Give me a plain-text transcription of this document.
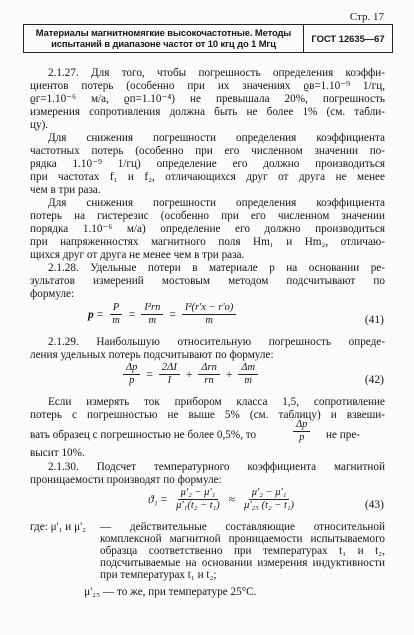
Стр. 17
Материалы магнитномягкие высокочастотные. Методы
испытаний в диапазоне частот от 10 кгц до 1 Мгц	ГОСТ 12635—67
2.1.27. Для того, чтобы погрешность определения коэффи-
циентов потерь (особенно при их значениях ϱв=1.10⁻⁹ 1/гц,
ϱг=1.10⁻⁶ м/а, ϱп=1.10⁻⁴) не превышала 20%, погрешность
измерения сопротивления должна быть не более 1% (см. табли-
цу).
Для снижения погрешности определения коэффициента
частотных потерь (особенно при его численном значении по-
рядка 1.10⁻⁹ 1/гц) определение его должно производиться
при частотах f₁ и f₂, отличающихся друг от друга не менее
чем в три раза.
Для снижения погрешности определения коэффициента
потерь на гистерезис (особенно при его численном значении
порядка 1.10⁻⁶ м/а) определение его должно производиться
при напряженностях магнитного поля Hm₁ и Hm₂, отличаю-
щихся друг от друга не менее чем в три раза.
2.1.28. Удельные потери в материале p на основании ре-
зультатов измерений мостовым методом подсчитывают по
формуле:
$p = \frac{P}{m} = \frac{\text{I²rп}}{m} = \frac{\text{I²(r'x − r'o)}}{m}$	(41)
2.1.29. Наибольшую относительную погрешность опреде-
ления удельных потерь подсчитывают по формуле:
$\frac{\Delta p}{p} = \frac{2\Delta I}{I} + \frac{\text{Δrп}}{rп} + \frac{\Delta m}{m}$	(42)
Если измерять ток прибором класса 1,5, сопротивление
потерь с погрешностью не выше 5% (см. таблицу) и взвеши-
вать образец с погрешностью не более 0,5%, то	$\frac{\Delta p}{p}$ не пре-
высит 10%.
2.1.30. Подсчет температурного коэффициента магнитной
проницаемости производят по формуле:
$ϑ_1 = \frac{\text{μ'₂ − μ'₁}}{\text{μ'₁(t₂ − t₁)}} \approx \frac{\text{μ'₂ − μ'₁}}{\text{μ'₂₅ (t₂ − t₁)}}$	(43)
где: μ'₁ и μ'₂	— действительные составляющие относительной комплексной магнитной проницаемости испытываемого образца соответственно при температурах t₁ и t₂, подсчитываемые на основании измерения индуктивности при температурах t₁ и t₂;
μ'₂₅ — то же, при температуре 25°C.
